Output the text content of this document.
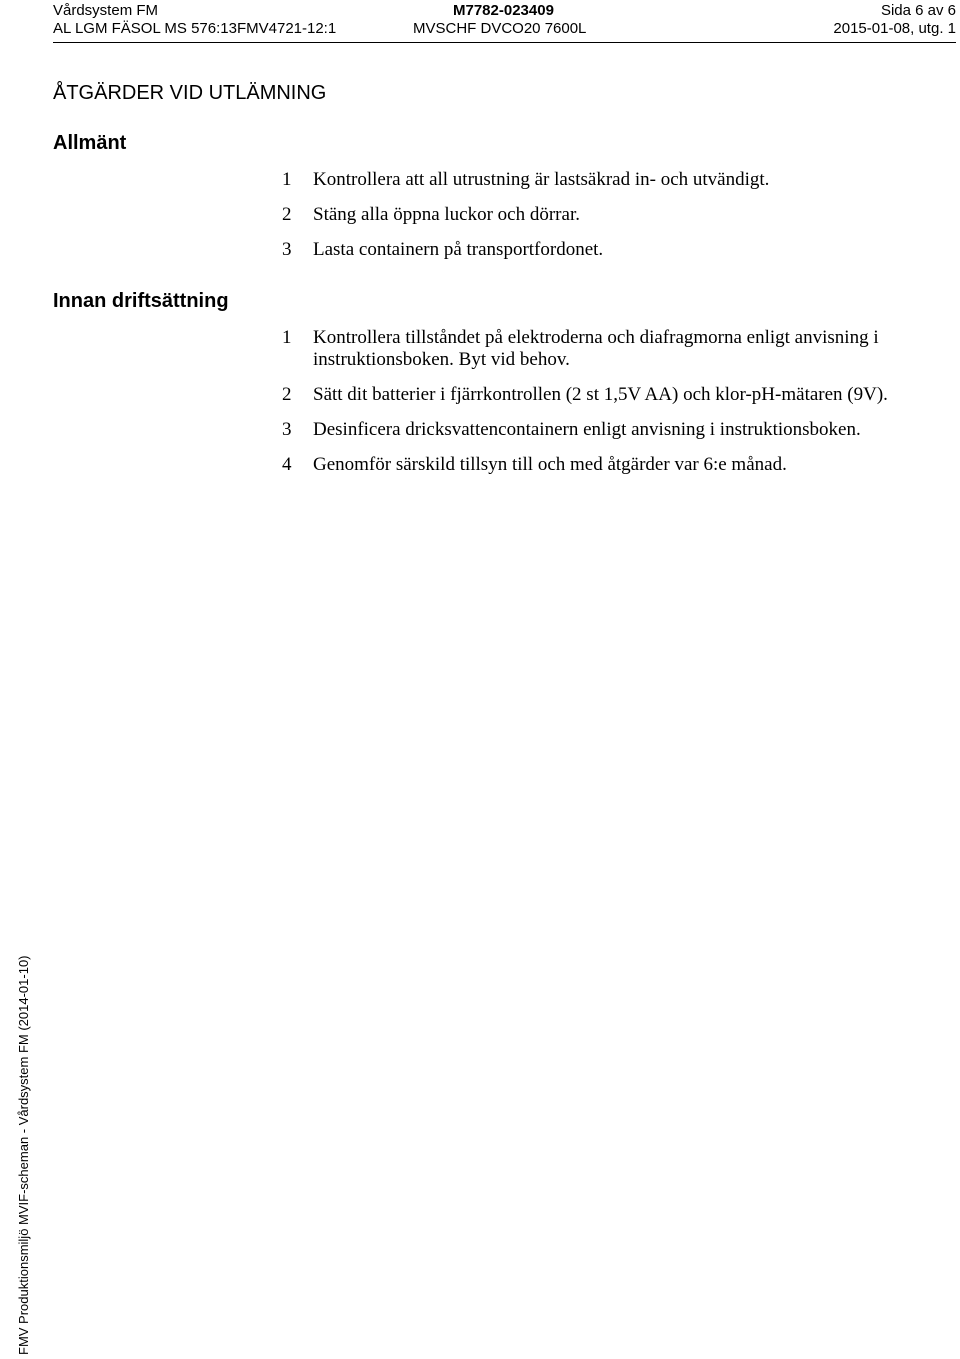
Vårdsystem FM
AL LGM FÄSOL MS 576:13FMV4721-12:1
M7782-023409
MVSCHF DVCO20 7600L
Sida 6 av 6
2015-01-08, utg. 1
ÅTGÄRDER VID UTLÄMNING
Allmänt
1	Kontrollera att all utrustning är lastsäkrad in- och utvändigt.
2	Stäng alla öppna luckor och dörrar.
3	Lasta containern på transportfordonet.
Innan driftsättning
1	Kontrollera tillståndet på elektroderna och diafragmorna enligt anvisning i instruktionsboken. Byt vid behov.
2	Sätt dit batterier i fjärrkontrollen (2 st 1,5V AA) och klor-pH-mätaren (9V).
3	Desinficera dricksvattencontainern enligt anvisning i instruktionsboken.
4	Genomför särskild tillsyn till och med åtgärder var 6:e månad.
FMV Produktionsmiljö MVIF-scheman - Vårdsystem FM (2014-01-10)
